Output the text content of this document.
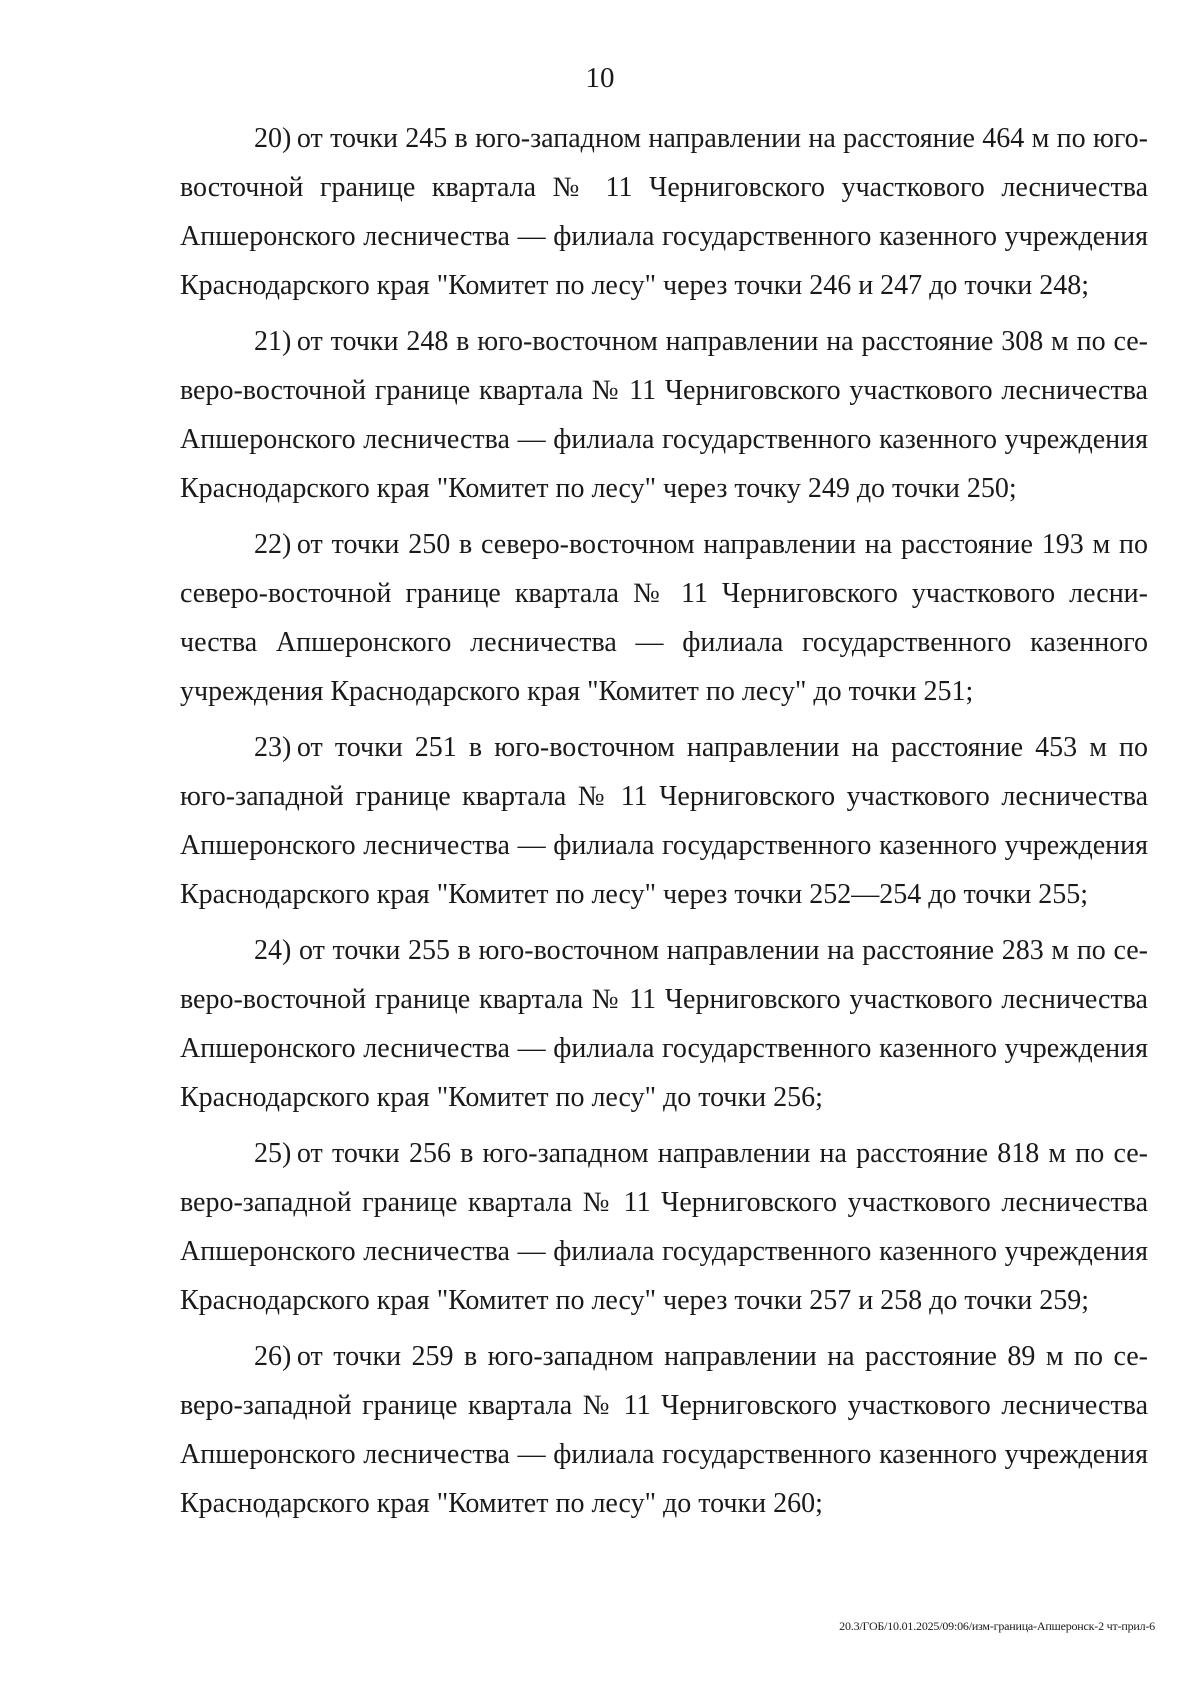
10

20) от точки 245 в юго-западном направлении на расстояние 464 м по юго-восточной границе квартала № 11 Черниговского участкового лесничества Апшеронского лесничества — филиала государственного казенного учреждения Краснодарского края "Комитет по лесу" через точки 246 и 247 до точки 248;

21) от точки 248 в юго-восточном направлении на расстояние 308 м по северо-восточной границе квартала № 11 Черниговского участкового лесничества Апшеронского лесничества — филиала государственного казенного учреждения Краснодарского края "Комитет по лесу" через точку 249 до точки 250;

22) от точки 250 в северо-восточном направлении на расстояние 193 м по северо-восточной границе квартала № 11 Черниговского участкового лесничества Апшеронского лесничества — филиала государственного казенного учреждения Краснодарского края "Комитет по лесу" до точки 251;

23) от точки 251 в юго-восточном направлении на расстояние 453 м по юго-западной границе квартала № 11 Черниговского участкового лесничества Апшеронского лесничества — филиала государственного казенного учреждения Краснодарского края "Комитет по лесу" через точки 252—254 до точки 255;

24) от точки 255 в юго-восточном направлении на расстояние 283 м по северо-восточной границе квартала № 11 Черниговского участкового лесничества Апшеронского лесничества — филиала государственного казенного учреждения Краснодарского края "Комитет по лесу" до точки 256;

25) от точки 256 в юго-западном направлении на расстояние 818 м по северо-западной границе квартала № 11 Черниговского участкового лесничества Апшеронского лесничества — филиала государственного казенного учреждения Краснодарского края "Комитет по лесу" через точки 257 и 258 до точки 259;

26) от точки 259 в юго-западном направлении на расстояние 89 м по северо-западной границе квартала № 11 Черниговского участкового лесничества Апшеронского лесничества — филиала государственного казенного учреждения Краснодарского края "Комитет по лесу" до точки 260;

20.3/ГОБ/10.01.2025/09:06/изм-граница-Апшеронск-2 чт-прил-6
